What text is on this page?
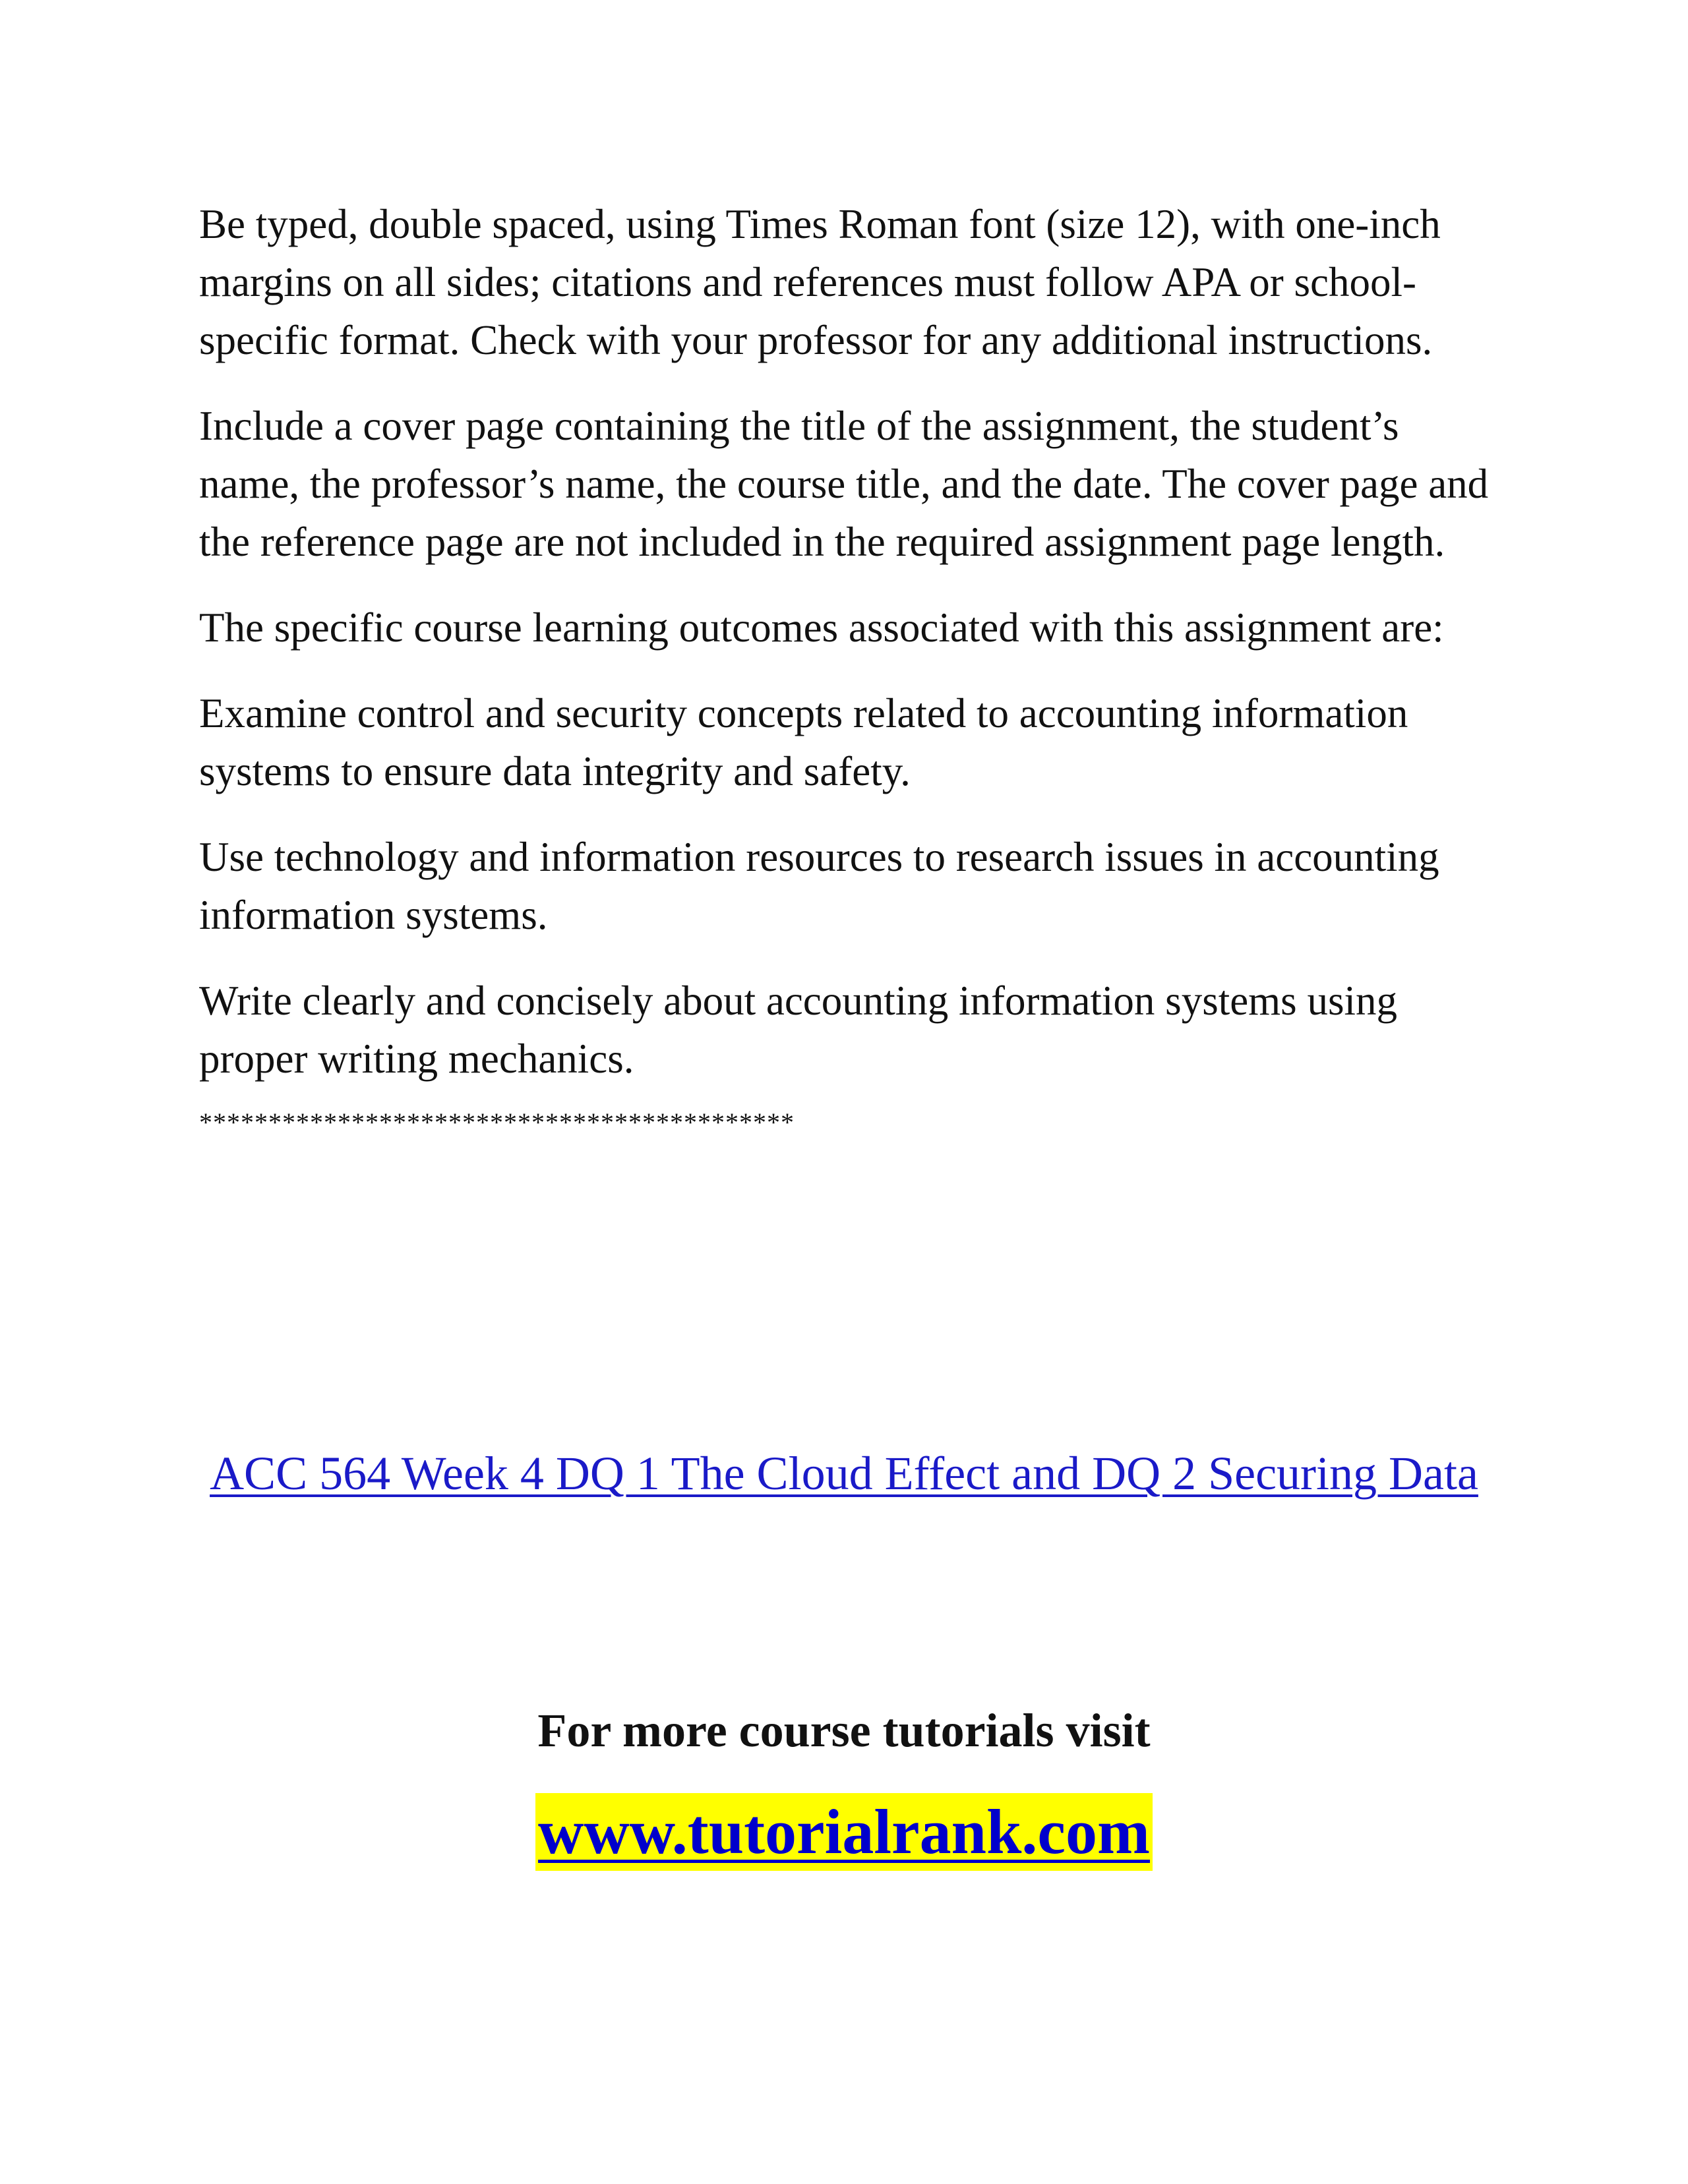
Be typed, double spaced, using Times Roman font (size 12), with one-inch margins on all sides; citations and references must follow APA or school-specific format. Check with your professor for any additional instructions.

Include a cover page containing the title of the assignment, the student’s name, the professor’s name, the course title, and the date. The cover page and the reference page are not included in the required assignment page length.

The specific course learning outcomes associated with this assignment are:

Examine control and security concepts related to accounting information systems to ensure data integrity and safety.

Use technology and information resources to research issues in accounting information systems.

Write clearly and concisely about accounting information systems using proper writing mechanics.

*******************************************
ACC 564 Week 4 DQ 1 The Cloud Effect and DQ 2 Securing Data
For more course tutorials visit
www.tutorialrank.com
